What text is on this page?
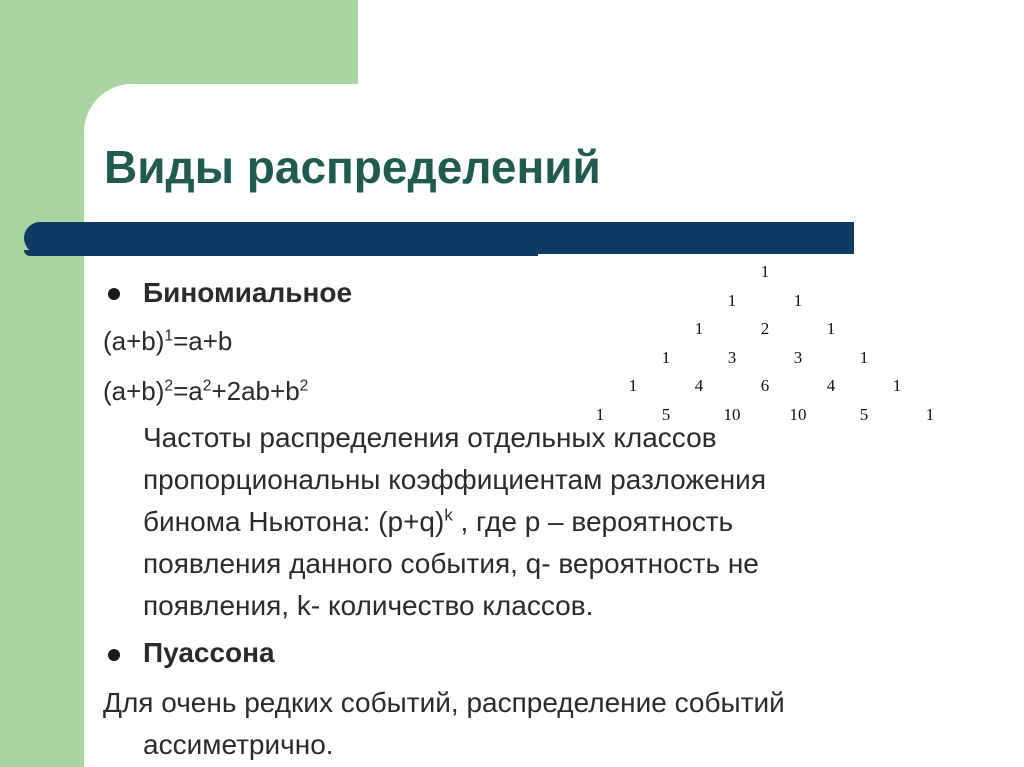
Виды распределений
Биномиальное
$(a+b)^1=a+b$
$(a+b)^2=a^2+2ab+b^2$
Частоты распределения отдельных классов
пропорциональны коэффициентам разложения
бинома Ньютона: $(p+q)^k$ , где p – вероятность
появления данного события, q- вероятность не
появления, k- количество классов.
Пуассона
Для очень редких событий, распределение событий
ассиметрично.
1
1	1
1	2	1
1	3	3	1
1	4	6	4	1
1	5	10	10	5	1
